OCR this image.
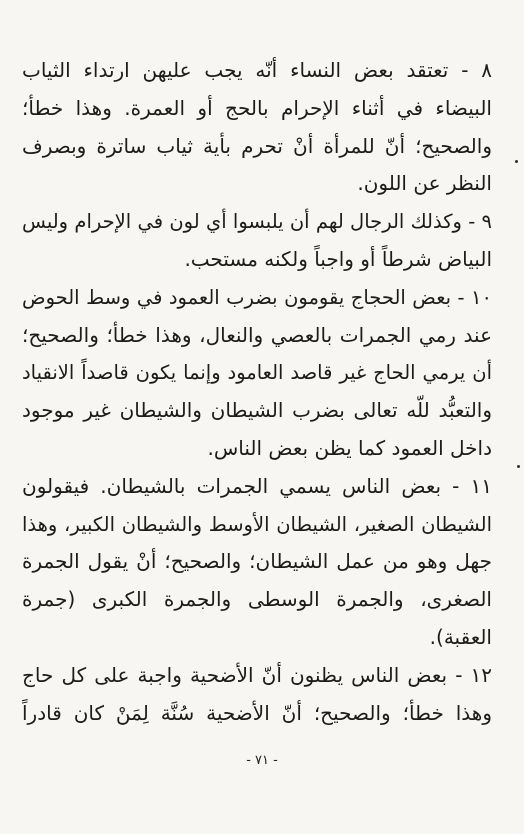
٨ - تعتقد بعض النساء أنّه يجب عليهن ارتداء الثياب

البيضاء في أثناء الإحرام بالحج أو العمرة. وهذا خطأ؛

والصحيح؛ أنّ للمرأة أنْ تحرم بأية ثياب ساترة وبصرف

النظر عن اللون.

٩ - وكذلك الرجال لهم أن يلبسوا أي لون في الإحرام وليس

البياض شرطاً أو واجباً ولكنه مستحب.

١٠ - بعض الحجاج يقومون بضرب العمود في وسط الحوض

عند رمي الجمرات بالعصي والنعال، وهذا خطأ؛ والصحيح؛

أن يرمي الحاج غير قاصد العامود وإنما يكون قاصداً الانقياد

والتعبُّد للّه تعالى بضرب الشيطان والشيطان غير موجود

داخل العمود كما يظن بعض الناس.

١١ - بعض الناس يسمي الجمرات بالشيطان. فيقولون

الشيطان الصغير، الشيطان الأوسط والشيطان الكبير، وهذا

جهل وهو من عمل الشيطان؛ والصحيح؛ أنْ يقول الجمرة

الصغرى، والجمرة الوسطى والجمرة الكبرى (جمرة

العقبة).

١٢ - بعض الناس يظنون أنّ الأضحية واجبة على كل حاج

وهذا خطأ؛ والصحيح؛ أنّ الأضحية سُنَّة لِمَنْ كان قادراً

- ٧١ -
